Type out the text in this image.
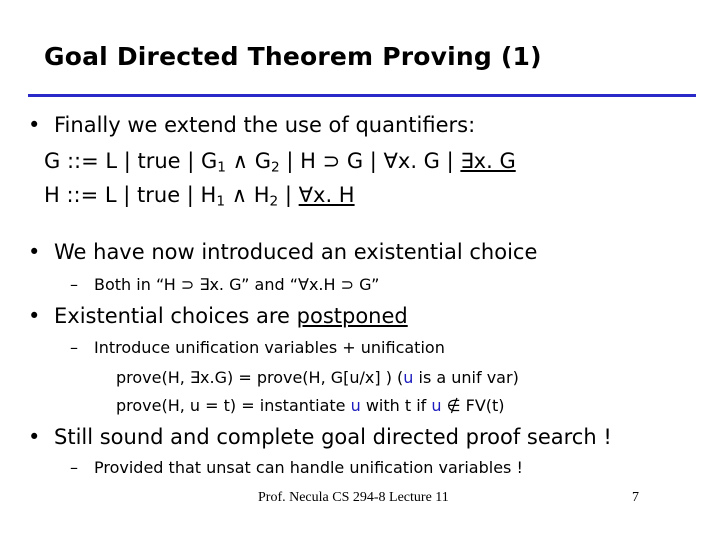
Goal Directed Theorem Proving (1)
• Finally we extend the use of quantifiers:
G ::= L | true | $G_1$ ∧ $G_2$ | H ⊃ G | ∀x. G | ∃x. G
H ::= L | true | $H_1$ ∧ $H_2$ | ∀x. H
• We have now introduced an existential choice
– Both in “H ⊃ ∃x. G” and “∀x.H ⊃ G”
• Existential choices are postponed
– Introduce unification variables + unification
prove(H, ∃x.G) = prove(H, G[u/x] ) (u is a unif var)
prove(H, u = t) = instantiate u with t if u ∉ FV(t)
• Still sound and complete goal directed proof search !
– Provided that unsat can handle unification variables !
Prof. Necula CS 294-8 Lecture 11	7
